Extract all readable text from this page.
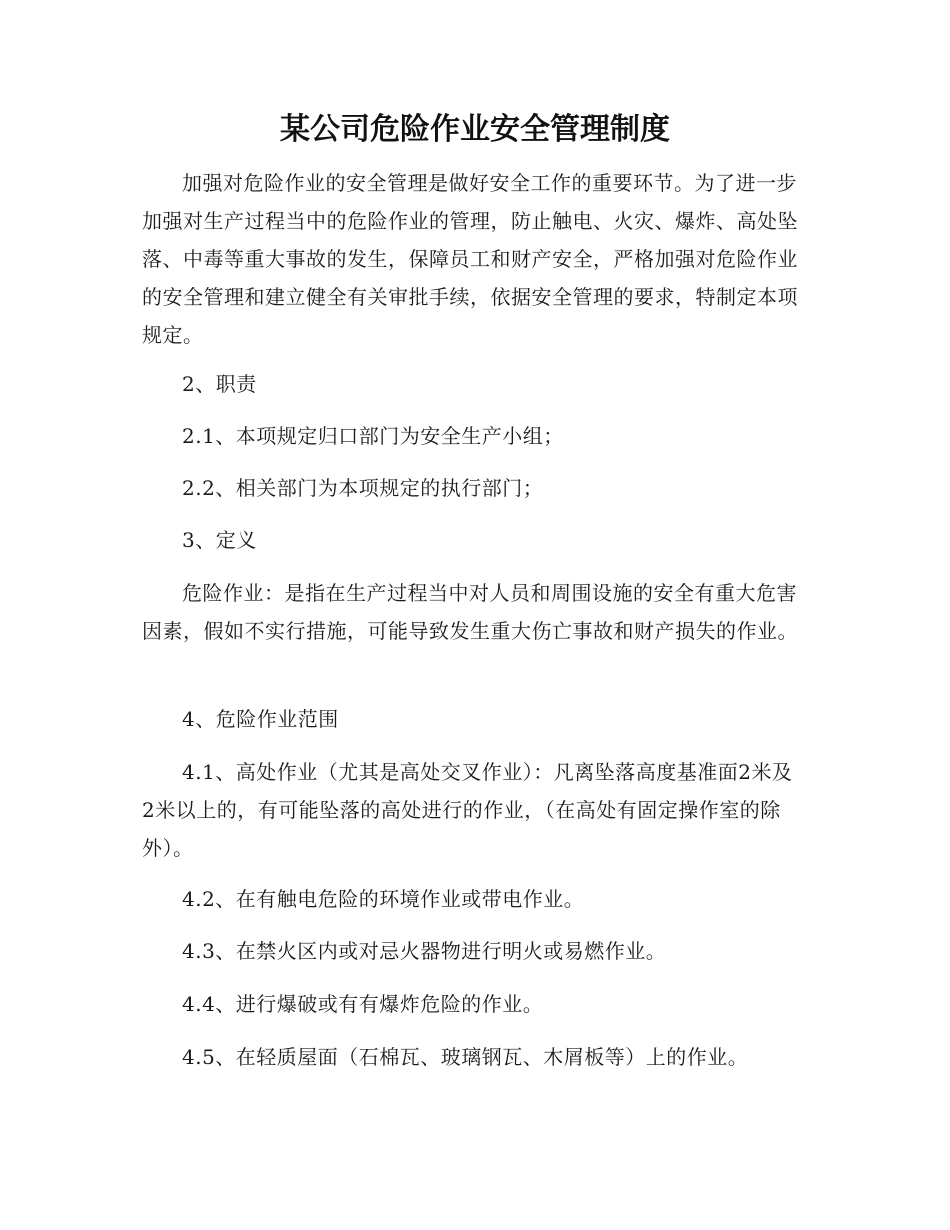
某公司危险作业安全管理制度

加强对危险作业的安全管理是做好安全工作的重要环节。为了进一步加强对生产过程当中的危险作业的管理，防止触电、火灾、爆炸、高处坠落、中毒等重大事故的发生，保障员工和财产安全，严格加强对危险作业的安全管理和建立健全有关审批手续，依据安全管理的要求，特制定本项规定。

2、职责

2.1、本项规定归口部门为安全生产小组；

2.2、相关部门为本项规定的执行部门；

3、定义

危险作业：是指在生产过程当中对人员和周围设施的安全有重大危害因素，假如不实行措施，可能导致发生重大伤亡事故和财产损失的作业。

4、危险作业范围

4.1、高处作业（尤其是高处交叉作业）：凡离坠落高度基准面2米及2米以上的，有可能坠落的高处进行的作业，（在高处有固定操作室的除外）。

4.2、在有触电危险的环境作业或带电作业。

4.3、在禁火区内或对忌火器物进行明火或易燃作业。

4.4、进行爆破或有有爆炸危险的作业。

4.5、在轻质屋面（石棉瓦、玻璃钢瓦、木屑板等）上的作业。
